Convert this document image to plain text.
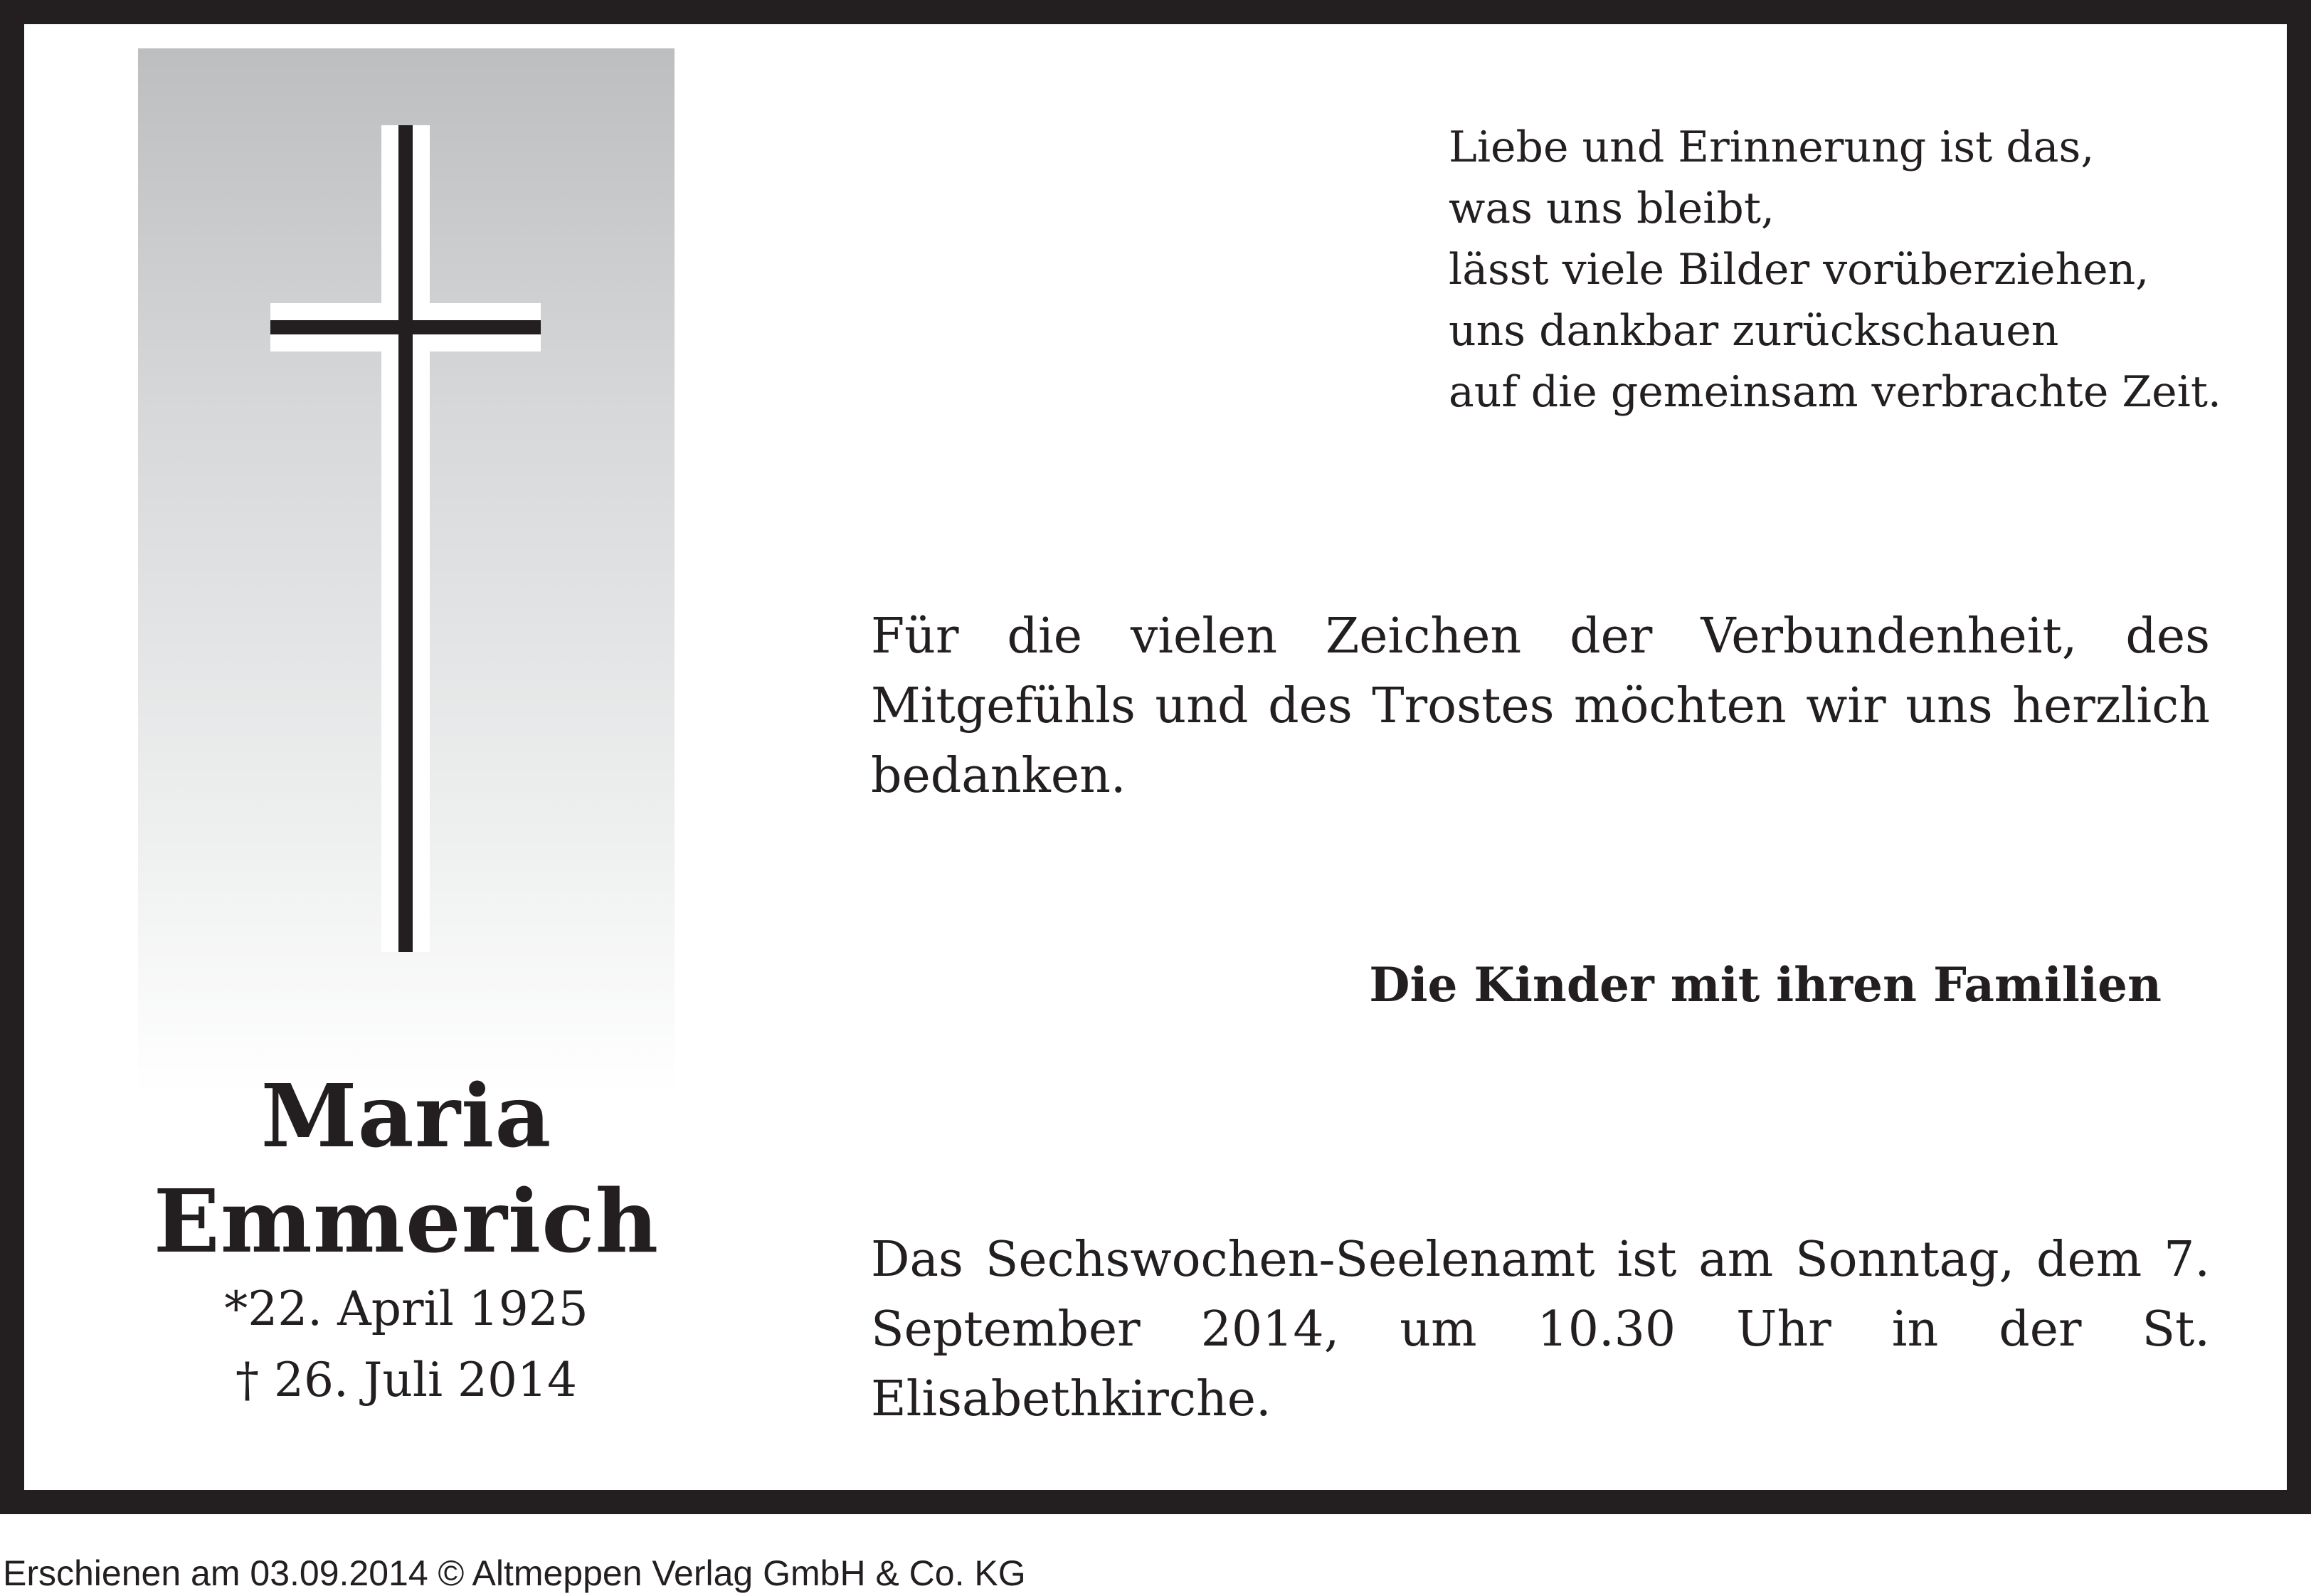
Maria
Emmerich
*22. April 1925
† 26. Juli 2014
Liebe und Erinnerung ist das,
was uns bleibt,
lässt viele Bilder vorüberziehen,
uns dankbar zurückschauen
auf die gemeinsam verbrachte Zeit.
Für die vielen Zeichen der Verbundenheit, des Mitgefühls und des Trostes möchten wir uns herzlich bedanken.
Die Kinder mit ihren Familien
Das Sechswochen-Seelenamt ist am Sonntag, dem 7. September 2014, um 10.30 Uhr in der St. Elisabethkirche.
Erschienen am 03.09.2014 © Altmeppen Verlag GmbH & Co. KG
